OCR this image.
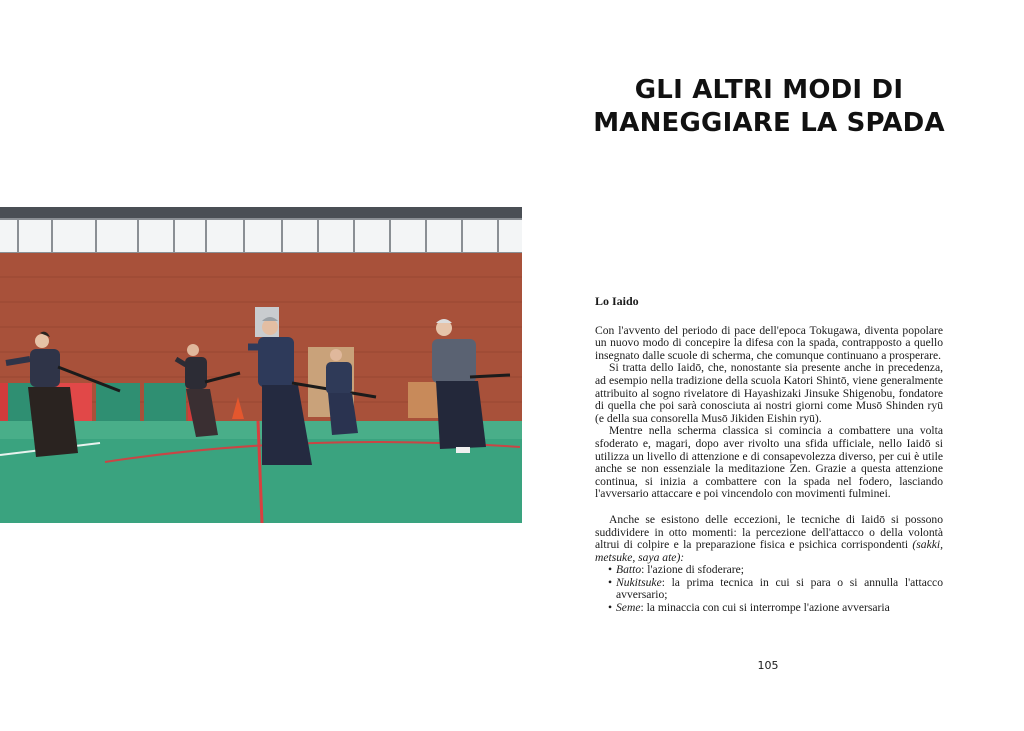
GLI ALTRI MODI DI
MANEGGIARE LA SPADA
Lo Iaido

Con l'avvento del periodo di pace dell'epoca Tokugawa, diventa popolare un nuovo modo di concepire la difesa con la spada, contrapposto a quello insegnato dalle scuole di scherma, che comunque continuano a prosperare.

Si tratta dello Iaidō, che, nonostante sia presente anche in precedenza, ad esempio nella tradizione della scuola Katori Shintō, viene generalmente attribuito al sogno rivelatore di Hayashizaki Jinsuke Shigenobu, fondatore di quella che poi sarà conosciuta ai nostri giorni come Musō Shinden ryū (e della sua consorella Musō Jikiden Eishin ryū).

Mentre nella scherma classica si comincia a combattere una volta sfoderato e, magari, dopo aver rivolto una sfida ufficiale, nello Iaidō si utilizza un livello di attenzione e di consapevolezza diverso, per cui è utile anche se non essenziale la meditazione Zen. Grazie a questa attenzione continua, si inizia a combattere con la spada nel fodero, lasciando l'avversario attaccare e poi vincendolo con movimenti fulminei.

Anche se esistono delle eccezioni, le tecniche di Iaidō si possono suddividere in otto momenti: la percezione dell'attacco o della volontà altrui di colpire e la preparazione fisica e psichica corrispondenti (sakki, metsuke, saya ate):

• Batto: l'azione di sfoderare;
• Nukitsuke: la prima tecnica in cui si para o si annulla l'attacco avversario;
• Seme: la minaccia con cui si interrompe l'azione avversaria
105
